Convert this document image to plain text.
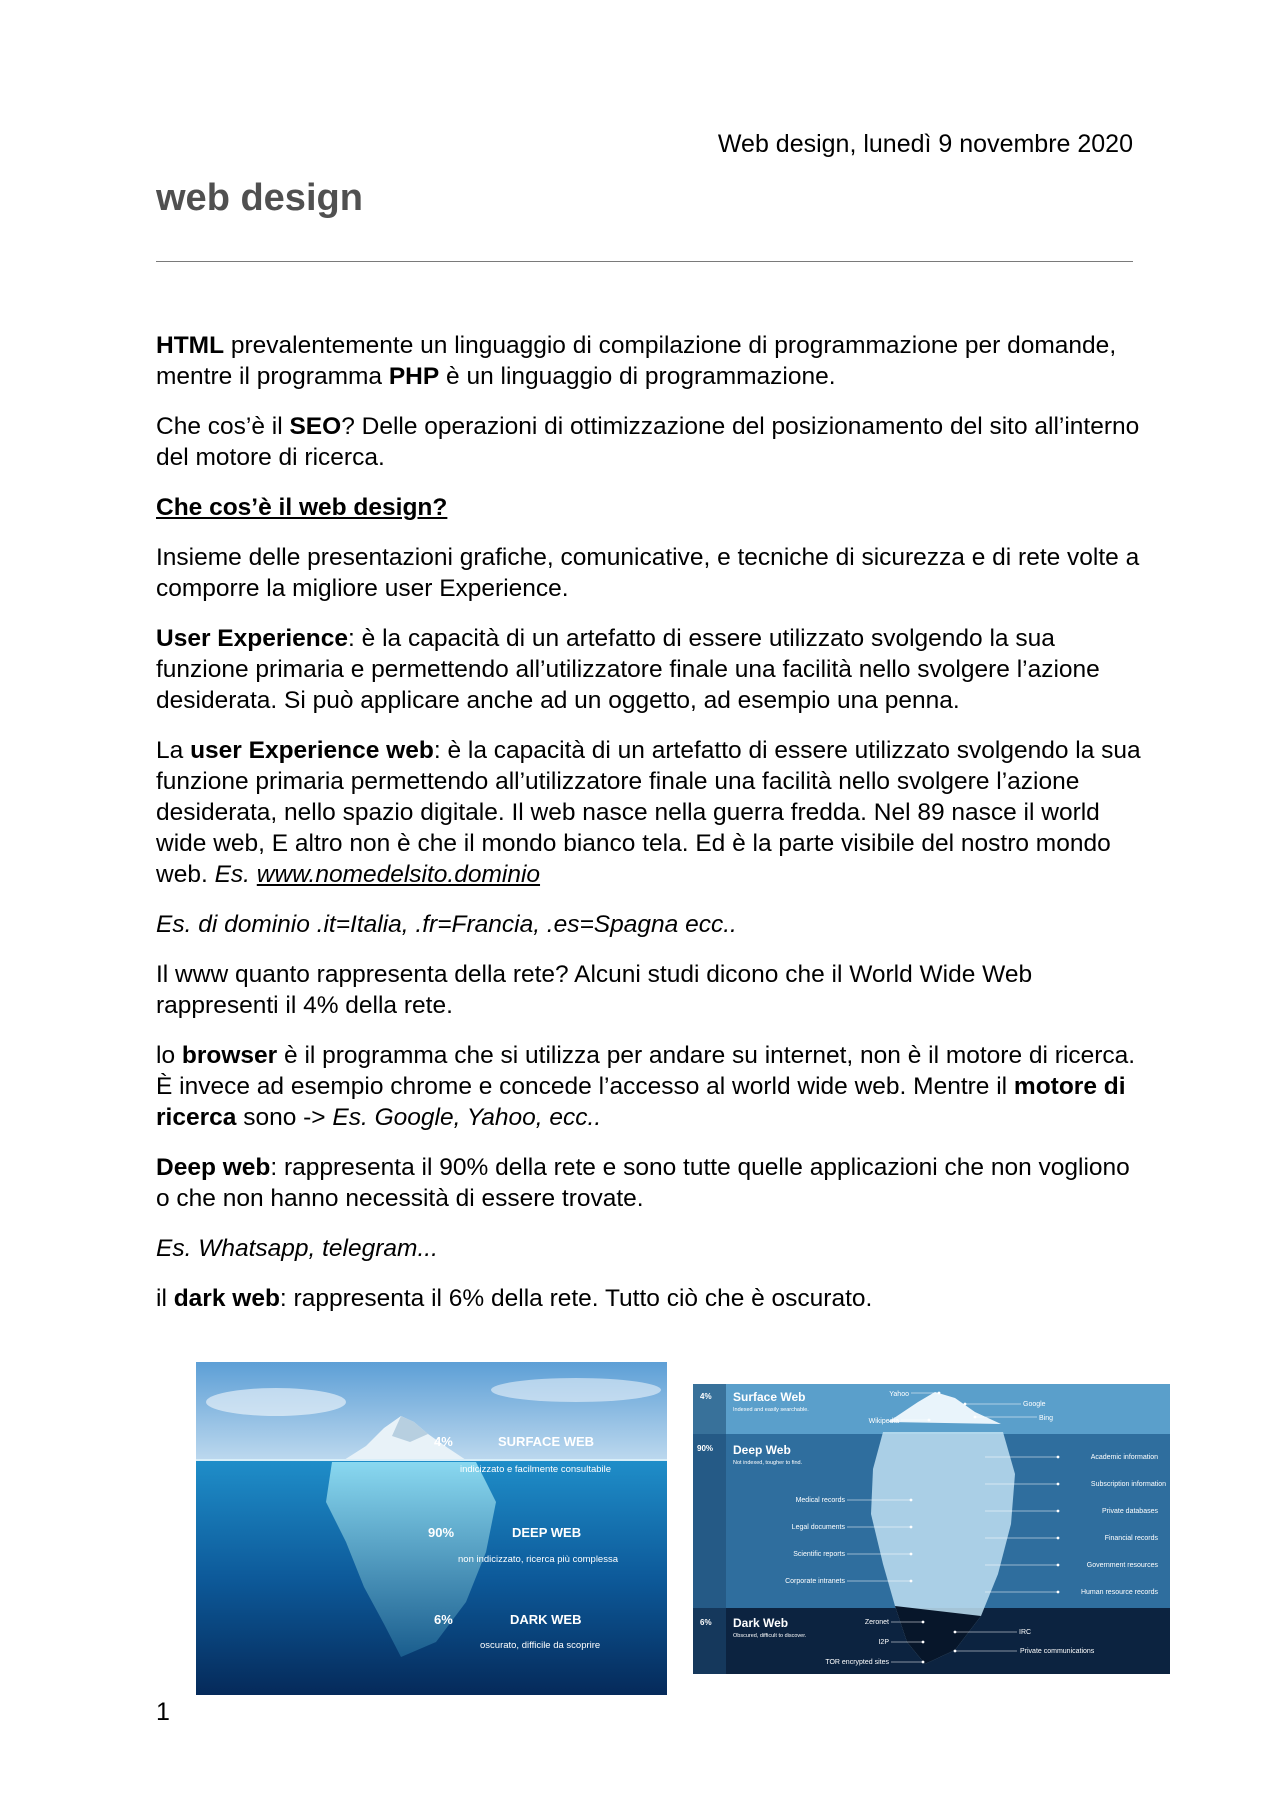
Web design, lunedì 9 novembre 2020
web design

HTML prevalentemente un linguaggio di compilazione di programmazione per domande, mentre il programma PHP è un linguaggio di programmazione.

Che cos’è il SEO? Delle operazioni di ottimizzazione del posizionamento del sito all’interno del motore di ricerca.

Che cos’è il web design?

Insieme delle presentazioni grafiche, comunicative, e tecniche di sicurezza e di rete volte a comporre la migliore user Experience.

User Experience: è la capacità di un artefatto di essere utilizzato svolgendo la sua funzione primaria e permettendo all’utilizzatore finale una facilità nello svolgere l’azione desiderata. Si può applicare anche ad un oggetto, ad esempio una penna.

La user Experience web: è la capacità di un artefatto di essere utilizzato svolgendo la sua funzione primaria permettendo all’utilizzatore finale una facilità nello svolgere l’azione desiderata, nello spazio digitale. Il web nasce nella guerra fredda. Nel 89 nasce il world wide web, E altro non è che il mondo bianco tela. Ed è la parte visibile del nostro mondo web. Es. www.nomedelsito.dominio

Es. di dominio .it=Italia, .fr=Francia, .es=Spagna ecc..

Il www quanto rappresenta della rete? Alcuni studi dicono che il World Wide Web rappresenti il 4% della rete.

lo browser è il programma che si utilizza per andare su internet, non è il motore di ricerca. È invece ad esempio chrome e concede l’accesso al world wide web. Mentre il motore di ricerca sono -> Es. Google, Yahoo, ecc..

Deep web: rappresenta il 90% della rete e sono tutte quelle applicazioni che non vogliono o che non hanno necessità di essere trovate.

Es. Whatsapp, telegram...

il dark web: rappresenta il 6% della rete. Tutto ciò che è oscurato.

4%	SURFACE WEB
indicizzato e facilmente consultabile
90%	DEEP WEB
non indicizzato, ricerca più complessa
6%	DARK WEB
oscurato, difficile da scoprire
4% Surface Web
Indexed and easily searchable.
90% Deep Web
Not indexed, tougher to find.
6% Dark Web
Obscured, difficult to discover.
Yahoo
Google
Wikipedia	Bing
Medical records
Legal documents
Scientific reports
Corporate intranets
Academic information
Subscription information
Private databases
Financial records
Government resources
Human resource records
Zeronet
I2P
TOR encrypted sites
IRC
Private communications
1
